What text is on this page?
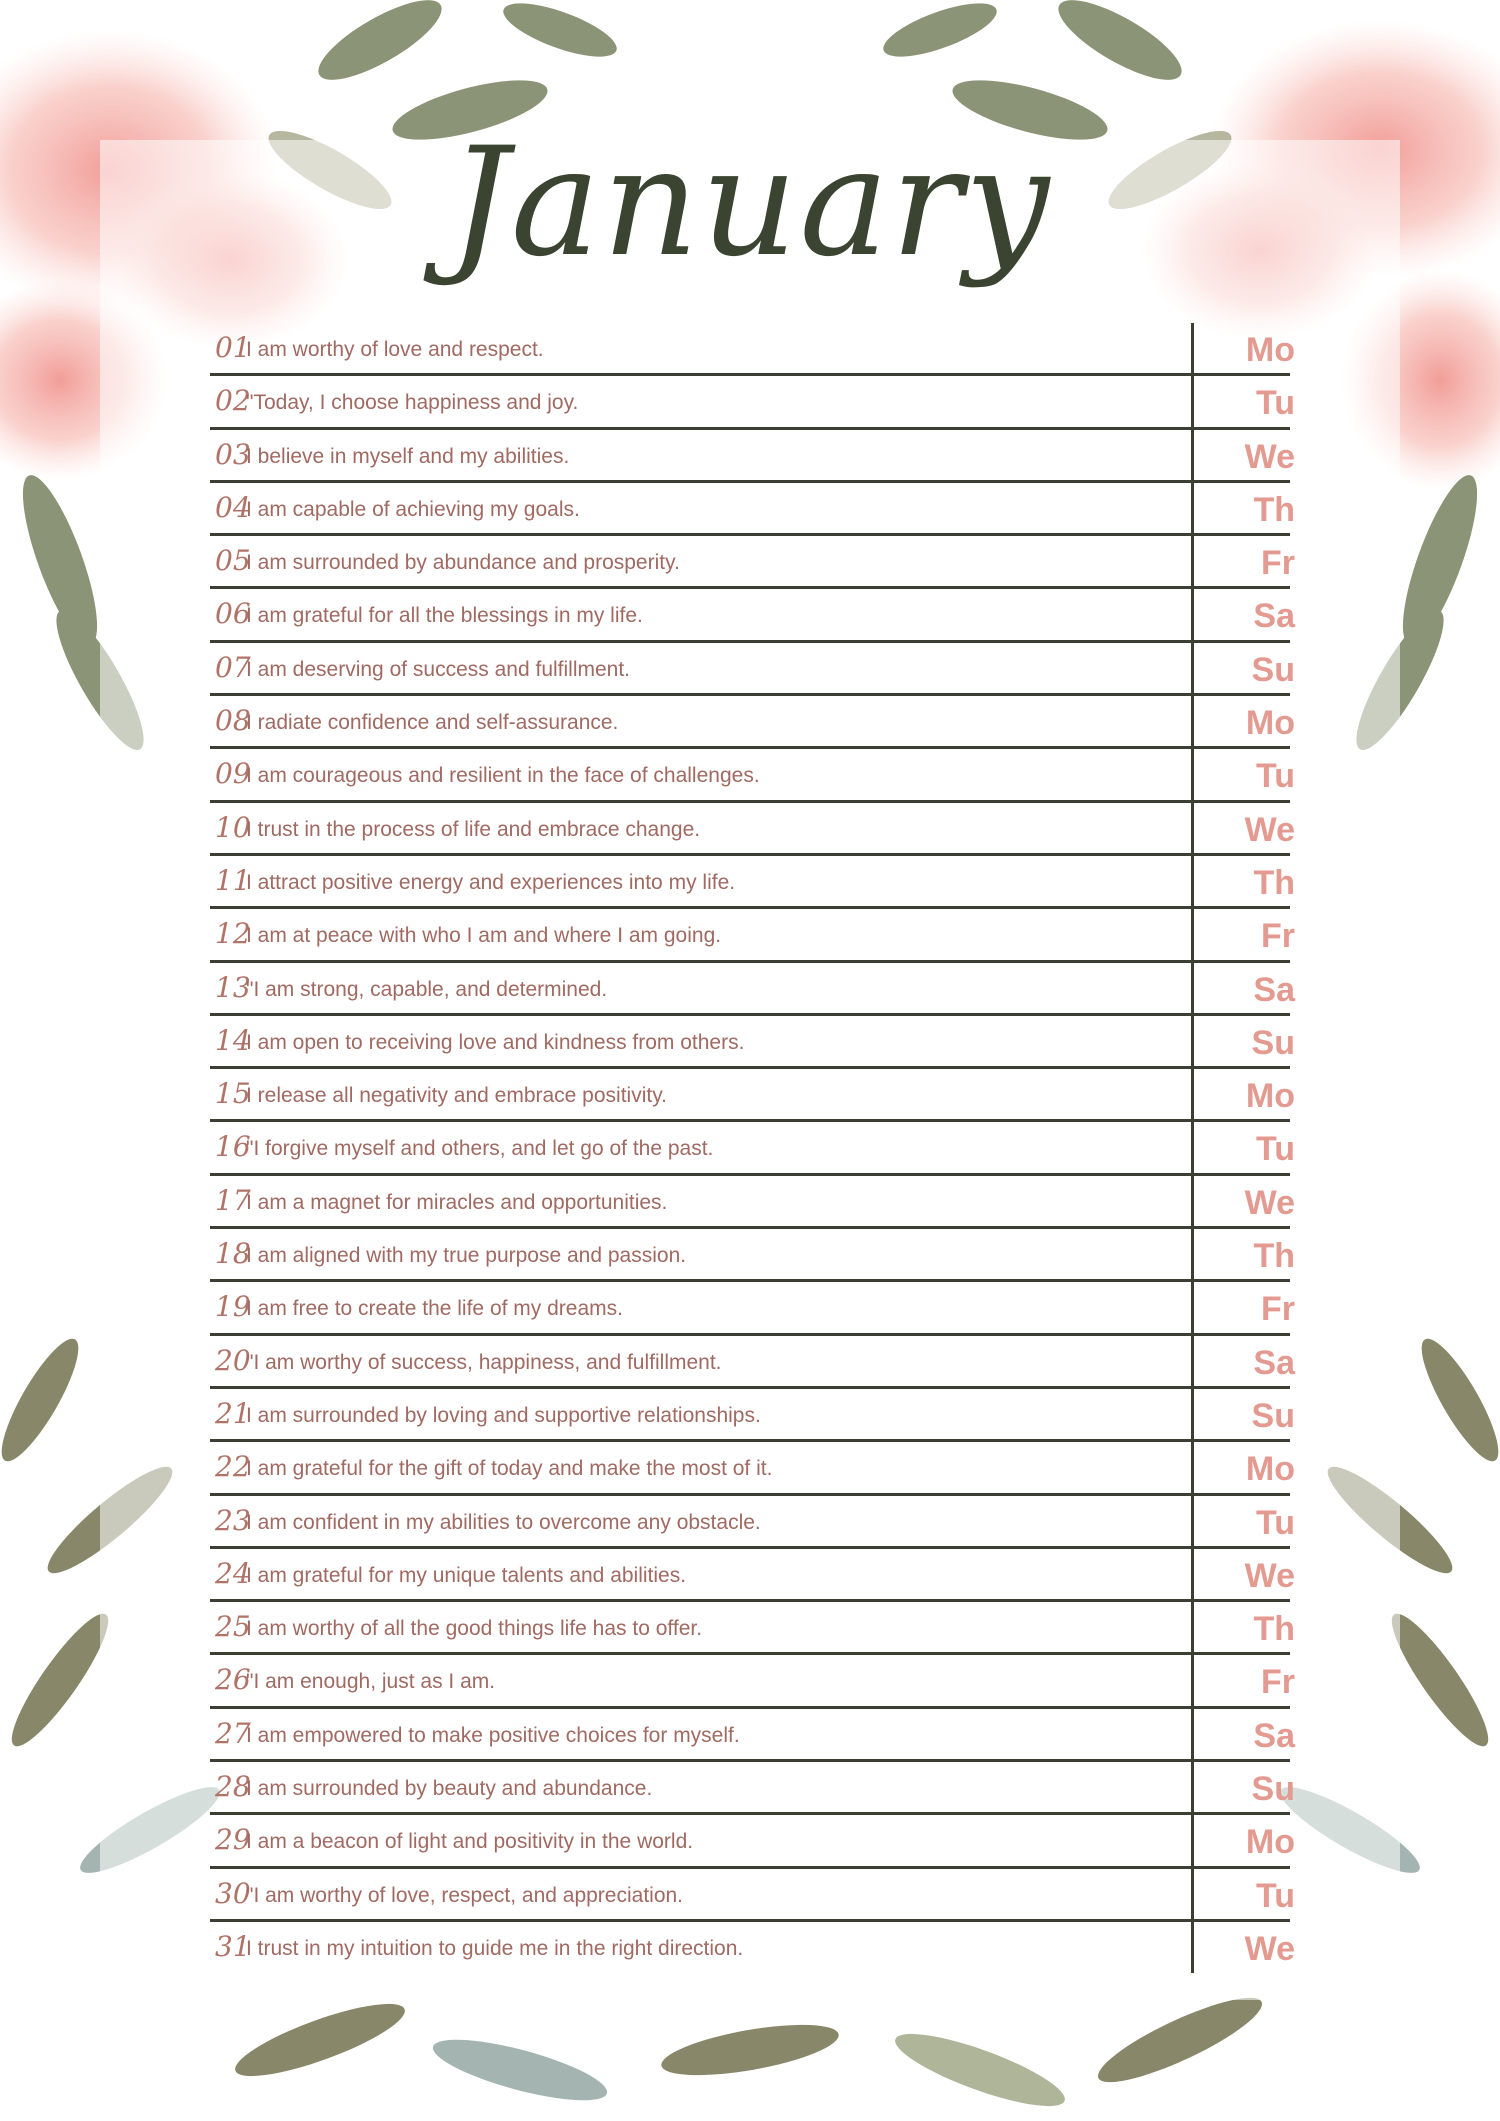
January
01
I am worthy of love and respect.	Mo
02
"Today, I choose happiness and joy.	Tu
03
I believe in myself and my abilities.	We
04
I am capable of achieving my goals.	Th
05
I am surrounded by abundance and prosperity.	Fr
06
I am grateful for all the blessings in my life.	Sa
07
I am deserving of success and fulfillment.	Su
08
I radiate confidence and self-assurance.	Mo
09
I am courageous and resilient in the face of challenges.	Tu
10
I trust in the process of life and embrace change.	We
11
I attract positive energy and experiences into my life.	Th
12
I am at peace with who I am and where I am going.	Fr
13
"I am strong, capable, and determined.	Sa
14
I am open to receiving love and kindness from others.	Su
15
I release all negativity and embrace positivity.	Mo
16
"I forgive myself and others, and let go of the past.	Tu
17
I am a magnet for miracles and opportunities.	We
18
I am aligned with my true purpose and passion.	Th
19
I am free to create the life of my dreams.	Fr
20
"I am worthy of success, happiness, and fulfillment.	Sa
21
I am surrounded by loving and supportive relationships.	Su
22
I am grateful for the gift of today and make the most of it.	Mo
23
I am confident in my abilities to overcome any obstacle.	Tu
24
I am grateful for my unique talents and abilities.	We
25
I am worthy of all the good things life has to offer.	Th
26
"I am enough, just as I am.	Fr
27
I am empowered to make positive choices for myself.	Sa
28
I am surrounded by beauty and abundance.	Su
29
I am a beacon of light and positivity in the world.	Mo
30
"I am worthy of love, respect, and appreciation.	Tu
31
I trust in my intuition to guide me in the right direction.	We
